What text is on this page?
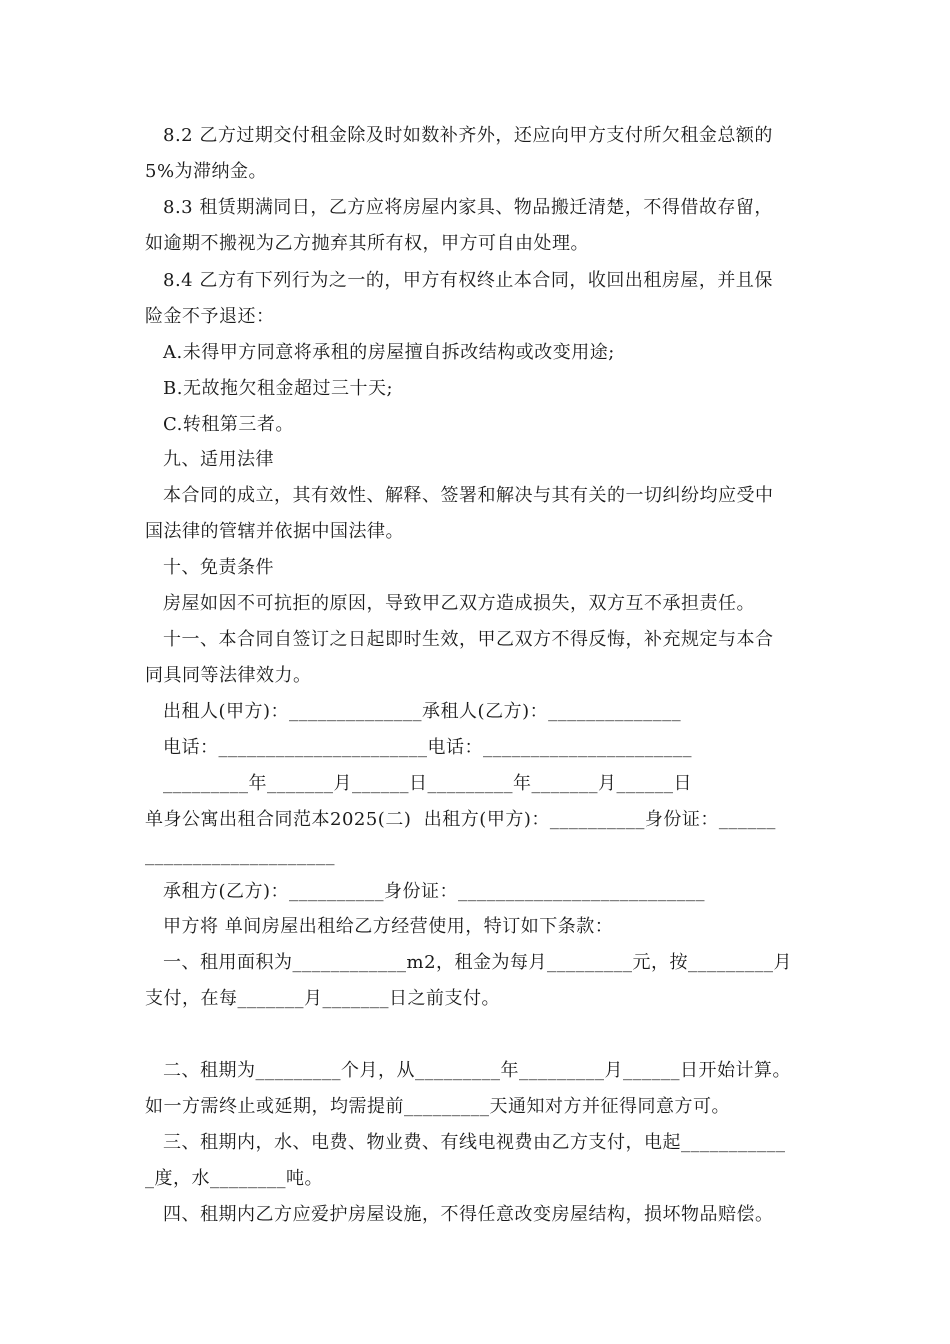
8.2 乙方过期交付租金除及时如数补齐外，还应向甲方支付所欠租金总额的
5%为滞纳金。
8.3 租赁期满同日，乙方应将房屋内家具、物品搬迁清楚，不得借故存留，
如逾期不搬视为乙方抛弃其所有权，甲方可自由处理。
8.4 乙方有下列行为之一的，甲方有权终止本合同，收回出租房屋，并且保
险金不予退还：
A.未得甲方同意将承租的房屋擅自拆改结构或改变用途;
B.无故拖欠租金超过三十天;
C.转租第三者。
九、适用法律
本合同的成立，其有效性、解释、签署和解决与其有关的一切纠纷均应受中
国法律的管辖并依据中国法律。
十、免责条件
房屋如因不可抗拒的原因，导致甲乙双方造成损失，双方互不承担责任。
十一、本合同自签订之日起即时生效，甲乙双方不得反悔，补充规定与本合
同具同等法律效力。
出租人(甲方)：______________承租人(乙方)：______________
电话：______________________电话：______________________
_________年_______月______日_________年_______月______日
单身公寓出租合同范本2025(二)  出租方(甲方)：__________身份证：______
____________________
承租方(乙方)：__________身份证：__________________________
甲方将 单间房屋出租给乙方经营使用，特订如下条款：
一、租用面积为____________m2，租金为每月_________元，按_________月
支付，在每_______月_______日之前支付。
二、租期为_________个月，从_________年_________月______日开始计算。
如一方需终止或延期，均需提前_________天通知对方并征得同意方可。
三、租期内，水、电费、物业费、有线电视费由乙方支付，电起___________
_度，水________吨。
四、租期内乙方应爱护房屋设施，不得任意改变房屋结构，损坏物品赔偿。
